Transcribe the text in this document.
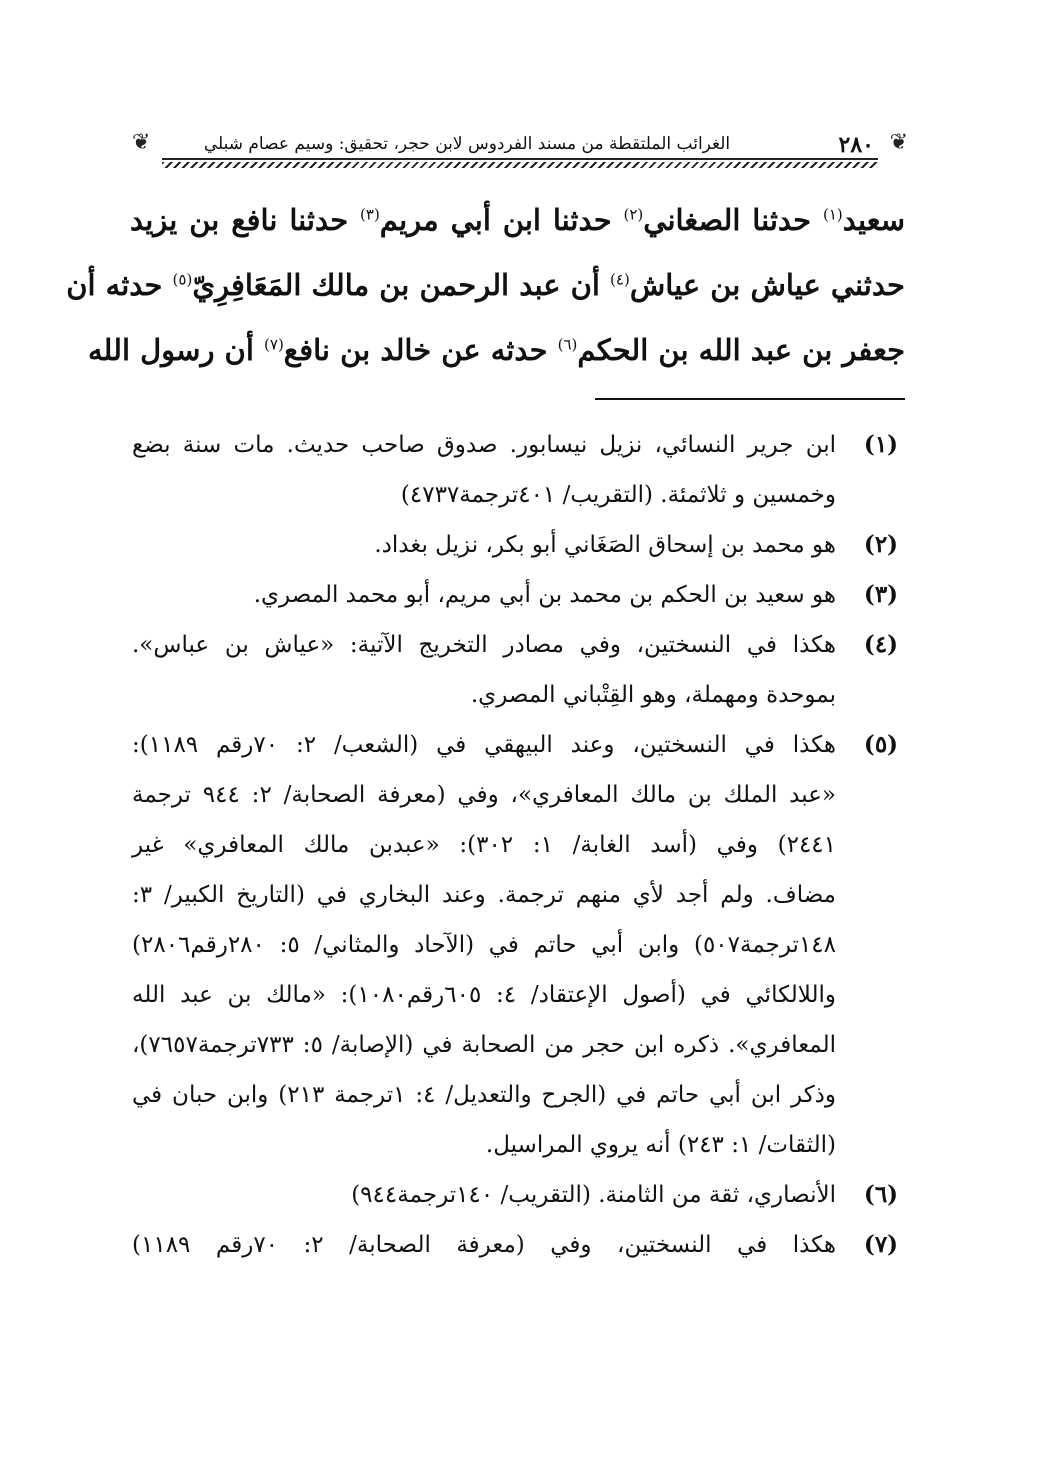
❦
٢٨٠
الغرائب الملتقطة من مسند الفردوس لابن حجر، تحقيق: وسيم عصام شبلي
❦
سعيد$^{(١)}$ حدثنا الصغاني$^{(٢)}$ حدثنا ابن أبي مريم$^{(٣)}$ حدثنا نافع بن يزيد
حدثني عياش بن عياش$^{(٤)}$ أن عبد الرحمن بن مالك المَعَافِرِيّ$^{(٥)}$ حدثه أن
جعفر بن عبد الله بن الحكم$^{(٦)}$ حدثه عن خالد بن نافع$^{(٧)}$ أن رسول الله
(١)
ابن جرير النسائي، نزيل نيسابور. صدوق صاحب حديث. مات سنة بضع
وخمسين و ثلاثمئة. (التقريب/ ٤٠١ترجمة٤٧٣٧)
(٢)
هو محمد بن إسحاق الصَغَاني أبو بكر، نزيل بغداد.
(٣)
هو سعيد بن الحكم بن محمد بن أبي مريم، أبو محمد المصري.
(٤)
هكذا في النسختين، وفي مصادر التخريج الآتية: «عياش بن عباس».
بموحدة ومهملة، وهو القِتْباني المصري.
(٥)
هكذا في النسختين، وعند البيهقي في (الشعب/ ٢: ٧٠رقم ١١٨٩):
«عبد الملك بن مالك المعافري»، وفي (معرفة الصحابة/ ٢: ٩٤٤ ترجمة
٢٤٤١) وفي (أسد الغابة/ ١: ٣٠٢): «عبدبن مالك المعافري» غير
مضاف. ولم أجد لأي منهم ترجمة. وعند البخاري في (التاريخ الكبير/ ٣:
١٤٨ترجمة٥٠٧) وابن أبي حاتم في (الآحاد والمثاني/ ٥: ٢٨٠رقم٢٨٠٦)
واللالكائي في (أصول الإعتقاد/ ٤: ٦٠٥رقم١٠٨٠): «مالك بن عبد الله
المعافري». ذكره ابن حجر من الصحابة في (الإصابة/ ٥: ٧٣٣ترجمة٧٦٥٧)،
وذكر ابن أبي حاتم في (الجرح والتعديل/ ٤: ١ترجمة ٢١٣) وابن حبان في
(الثقات/ ١: ٢٤٣) أنه يروي المراسيل.
(٦)
الأنصاري، ثقة من الثامنة. (التقريب/ ١٤٠ترجمة٩٤٤)
(٧)
هكذا في النسختين، وفي (معرفة الصحابة/ ٢: ٧٠رقم ١١٨٩)
